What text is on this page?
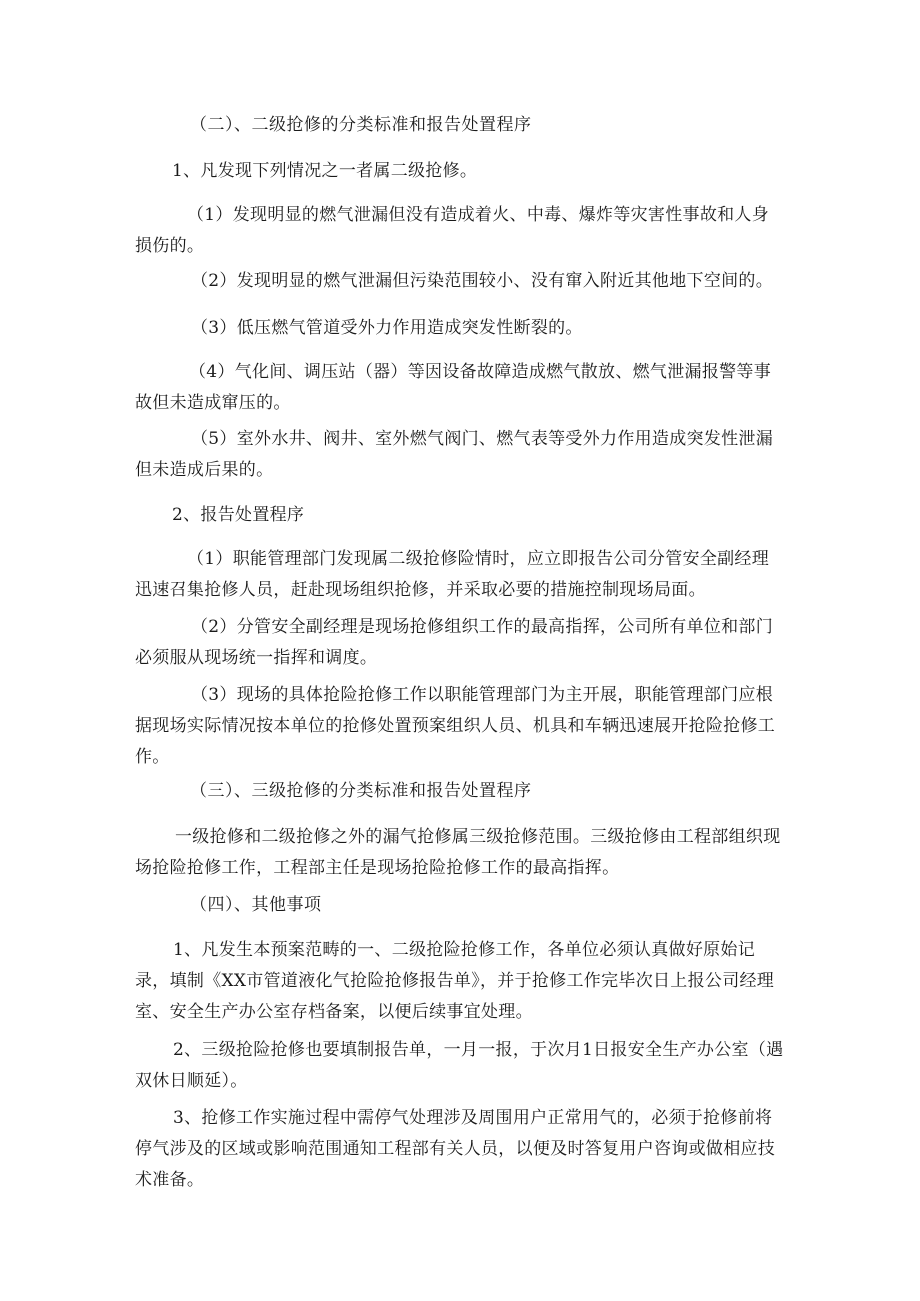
（二）、二级抢修的分类标准和报告处置程序
1、凡发现下列情况之一者属二级抢修。
（1）发现明显的燃气泄漏但没有造成着火、中毒、爆炸等灾害性事故和人身损伤的。
（2）发现明显的燃气泄漏但污染范围较小、没有窜入附近其他地下空间的。
（3）低压燃气管道受外力作用造成突发性断裂的。
（4）气化间、调压站（器）等因设备故障造成燃气散放、燃气泄漏报警等事故但未造成窜压的。
（5）室外水井、阀井、室外燃气阀门、燃气表等受外力作用造成突发性泄漏但未造成后果的。
2、报告处置程序
（1）职能管理部门发现属二级抢修险情时，应立即报告公司分管安全副经理迅速召集抢修人员，赶赴现场组织抢修，并采取必要的措施控制现场局面。
（2）分管安全副经理是现场抢修组织工作的最高指挥，公司所有单位和部门必须服从现场统一指挥和调度。
（3）现场的具体抢险抢修工作以职能管理部门为主开展，职能管理部门应根据现场实际情况按本单位的抢修处置预案组织人员、机具和车辆迅速展开抢险抢修工作。
（三）、三级抢修的分类标准和报告处置程序
一级抢修和二级抢修之外的漏气抢修属三级抢修范围。三级抢修由工程部组织现场抢险抢修工作，工程部主任是现场抢险抢修工作的最高指挥。
（四）、其他事项
1、凡发生本预案范畴的一、二级抢险抢修工作，各单位必须认真做好原始记录，填制《XX市管道液化气抢险抢修报告单》，并于抢修工作完毕次日上报公司经理室、安全生产办公室存档备案，以便后续事宜处理。
2、三级抢险抢修也要填制报告单，一月一报，于次月1日报安全生产办公室（遇双休日顺延）。
3、抢修工作实施过程中需停气处理涉及周围用户正常用气的，必须于抢修前将停气涉及的区域或影响范围通知工程部有关人员，以便及时答复用户咨询或做相应技术准备。
